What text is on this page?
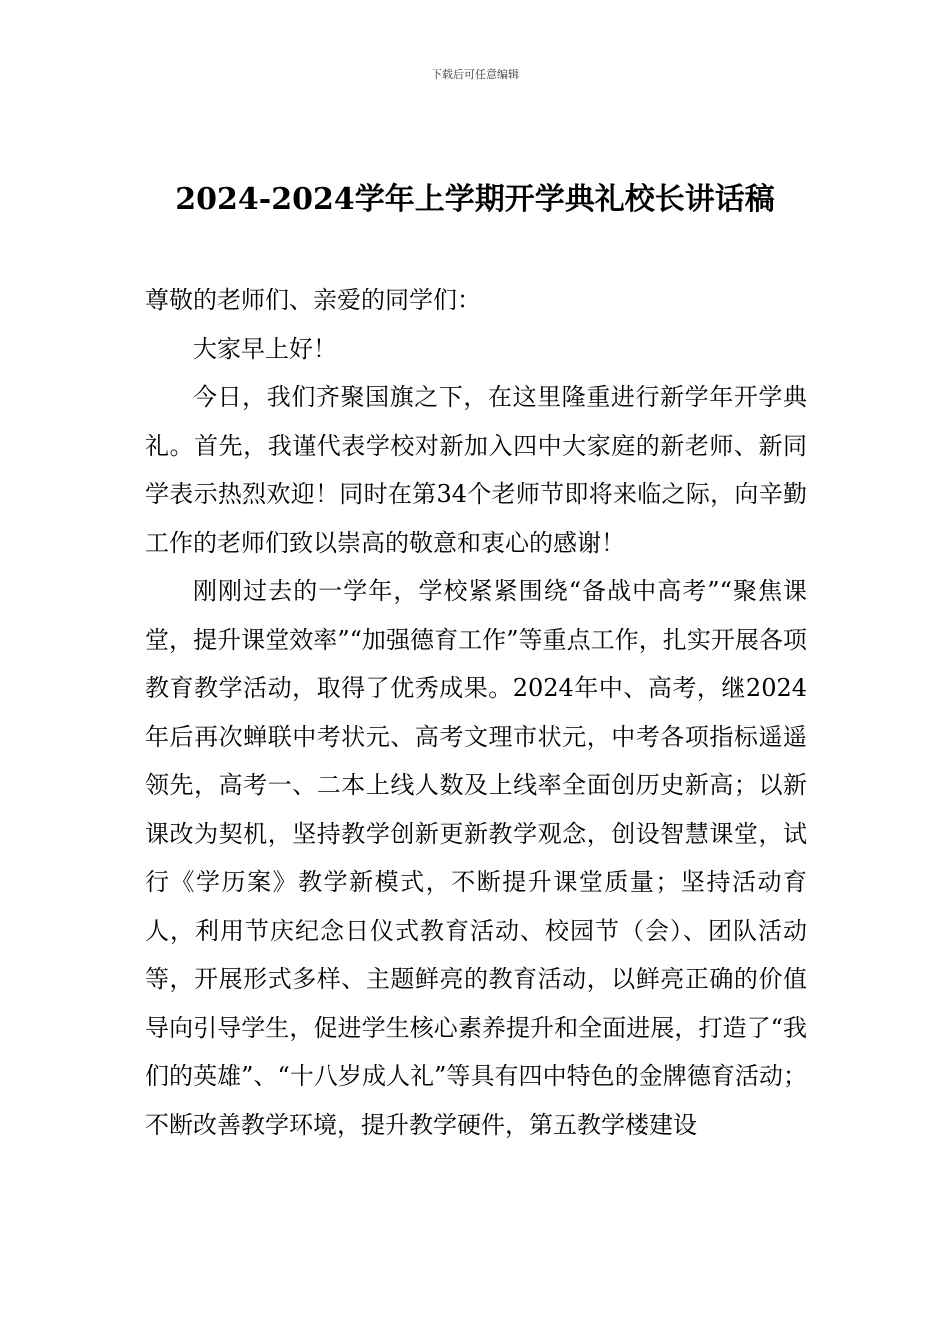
下载后可任意编辑
2024-2024学年上学期开学典礼校长讲话稿

尊敬的老师们、亲爱的同学们：

大家早上好！

今日，我们齐聚国旗之下，在这里隆重进行新学年开学典礼。首先，我谨代表学校对新加入四中大家庭的新老师、新同学表示热烈欢迎！同时在第34个老师节即将来临之际，向辛勤工作的老师们致以崇高的敬意和衷心的感谢！

刚刚过去的一学年，学校紧紧围绕“备战中高考”“聚焦课堂，提升课堂效率”“加强德育工作”等重点工作，扎实开展各项教育教学活动，取得了优秀成果。2024年中、高考，继2024年后再次蝉联中考状元、高考文理市状元，中考各项指标遥遥领先，高考一、二本上线人数及上线率全面创历史新高；以新课改为契机，坚持教学创新更新教学观念，创设智慧课堂，试行《学历案》教学新模式，不断提升课堂质量；坚持活动育人，利用节庆纪念日仪式教育活动、校园节（会）、团队活动等，开展形式多样、主题鲜亮的教育活动，以鲜亮正确的价值导向引导学生，促进学生核心素养提升和全面进展，打造了“我们的英雄”、“十八岁成人礼”等具有四中特色的金牌德育活动；不断改善教学环境，提升教学硬件，第五教学楼建设
